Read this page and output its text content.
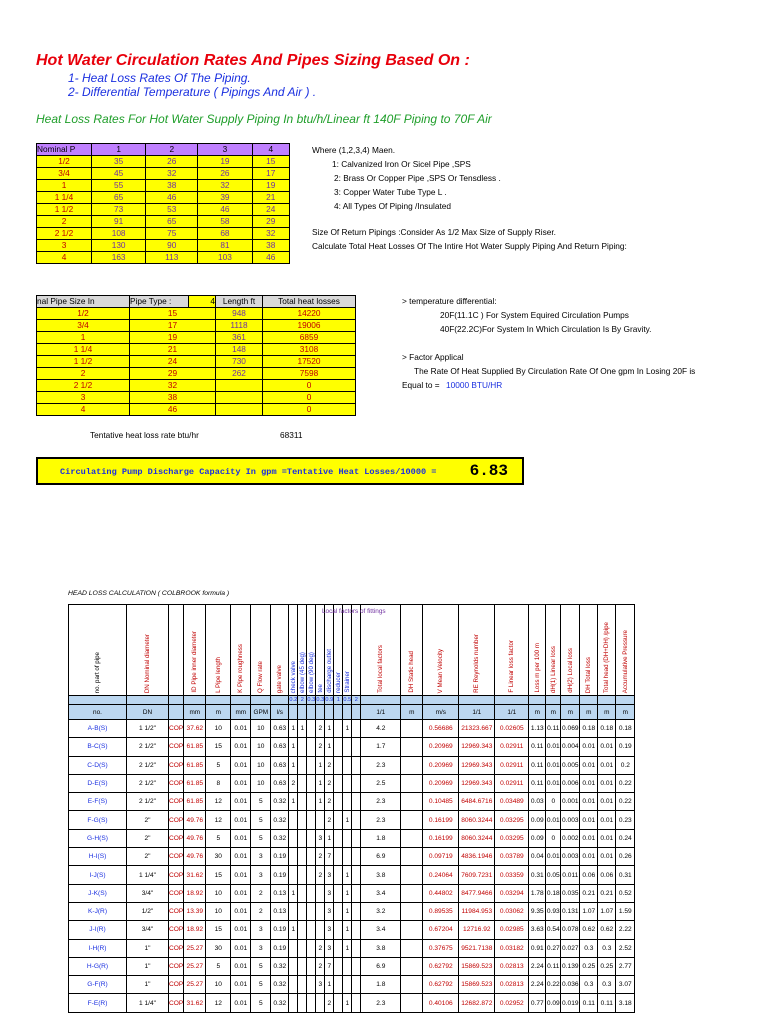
Hot Water Circulation Rates And Pipes Sizing Based On :
1- Heat Loss Rates Of The Piping.
2- Differential Temperature ( Pipings And Air ) .
Heat Loss Rates For Hot Water Supply Piping In btu/h/Linear ft 140F Piping to 70F Air
Nominal P	1	2	3	4
1/2	35	26	19	15
3/4	45	32	26	17
1	55	38	32	19
1 1/4	65	46	39	21
1 1/2	73	53	46	24
2	91	65	58	29
2 1/2	108	75	68	32
3	130	90	81	38
4	163	113	103	46
Where (1,2,3,4) Maen.
1: Calvanized Iron Or Sicel Pipe ,SPS
2: Brass Or Copper Pipe ,SPS Or Tensdless .
3: Copper Water Tube Type L .
4: All Types Of Piping /Insulated
Size Of Return Pipings :Consider As 1/2 Max Size of Supply Riser.
Calculate Total Heat Losses Of The Intire Hot Water Supply Piping And Return Piping:
nal Pipe Size In	Pipe Type :	4	Length ft	Total heat losses
1/2	15		948	14220
3/4	17		1118	19006
1	19		361	6859
1 1/4	21		148	3108
1 1/2	24		730	17520
2	29		262	7598
2 1/2	32			0
3	38			0
4	46			0
Tentative heat loss rate btu/hr	68311
> temperature differential:
20F(11.1C ) For System Equired Circulation Pumps
40F(22.2C)For System In Which Circulation Is By Gravity.
> Factor Applical
The Rate Of Heat Supplied By Circulation Rate Of One gpm In Losing 20F is
Equal to = 10000 BTU/HR
Circulating Pump Discharge Capacity In gpm =Tentative Heat Losses/10000 = 6.83
HEAD LOSS CALCULATION ( COLBROOK formula )
no. part of pipe	DN Nominal diameter		ID Pipe inner diameter	L Pipe length	K Pipe roughness	Q Flow rate	gate valve	check valve	elbow (45 deg)	elbow (90 deg)	tee	discharge outlet	reducer	Strainer		Total local factors	DH Static head	V Mean Velocity	RE Reynolds number	F Linear loss factor	Loss m per 100 m	dH(1) Linear loss	dH(2) Local loss	DH Total loss	Total head (DH+DH) /pipe	Accumulative Pressure
								0.2	2	0.3	0.3	0.9	1	0.5	2											
no.	DN		mm	m	mm	GPM	l/s									1/1	m	m/s	1/1	1/1	m	m	m	m	m	m
A-B(S)	1 1/2"	COP	37.62	10	0.01	10	0.63	1	1		2	1		1		4.2		0.56686	21323.667	0.02605	1.13	0.11	0.069	0.18	0.18	0.18
B-C(S)	2 1/2"	COP	61.85	15	0.01	10	0.63	1			2	1				1.7		0.20969	12969.343	0.02911	0.11	0.01	0.004	0.01	0.01	0.19
C-D(S)	2 1/2"	COP	61.85	5	0.01	10	0.63	1			1	2				2.3		0.20969	12969.343	0.02911	0.11	0.01	0.005	0.01	0.01	0.2
D-E(S)	2 1/2"	COP	61.85	8	0.01	10	0.63	2			1	2				2.5		0.20969	12969.343	0.02911	0.11	0.01	0.006	0.01	0.01	0.22
E-F(S)	2 1/2"	COP	61.85	12	0.01	5	0.32	1			1	2				2.3		0.10485	6484.6716	0.03489	0.03	0	0.001	0.01	0.01	0.22
F-G(S)	2"	COP	49.76	12	0.01	5	0.32					2		1		2.3		0.16199	8060.3244	0.03295	0.09	0.01	0.003	0.01	0.01	0.23
G-H(S)	2"	COP	49.76	5	0.01	5	0.32				3	1				1.8		0.16199	8060.3244	0.03295	0.09	0	0.002	0.01	0.01	0.24
H-I(S)	2"	COP	49.76	30	0.01	3	0.19				2	7				6.9		0.09719	4836.1946	0.03789	0.04	0.01	0.003	0.01	0.01	0.26
I-J(S)	1 1/4"	COP	31.62	15	0.01	3	0.19				2	3		1		3.8		0.24064	7609.7231	0.03359	0.31	0.05	0.011	0.06	0.06	0.31
J-K(S)	3/4"	COP	18.92	10	0.01	2	0.13	1				3		1		3.4		0.44802	8477.9466	0.03294	1.78	0.18	0.035	0.21	0.21	0.52
K-J(R)	1/2"	COP	13.39	10	0.01	2	0.13					3		1		3.2		0.89535	11984.953	0.03062	9.35	0.93	0.131	1.07	1.07	1.59
J-I(R)	3/4"	COP	18.92	15	0.01	3	0.19	1				3		1		3.4		0.67204	12716.92	0.02985	3.63	0.54	0.078	0.62	0.62	2.22
I-H(R)	1"	COP	25.27	30	0.01	3	0.19				2	3		1		3.8		0.37675	9521.7138	0.03182	0.91	0.27	0.027	0.3	0.3	2.52
H-G(R)	1"	COP	25.27	5	0.01	5	0.32				2	7				6.9		0.62792	15869.523	0.02813	2.24	0.11	0.139	0.25	0.25	2.77
G-F(R)	1"	COP	25.27	10	0.01	5	0.32				3	1				1.8		0.62792	15869.523	0.02813	2.24	0.22	0.036	0.3	0.3	3.07
F-E(R)	1 1/4"	COP	31.62	12	0.01	5	0.32					2		1		2.3		0.40106	12682.872	0.02952	0.77	0.09	0.019	0.11	0.11	3.18
Local factors of fittings
